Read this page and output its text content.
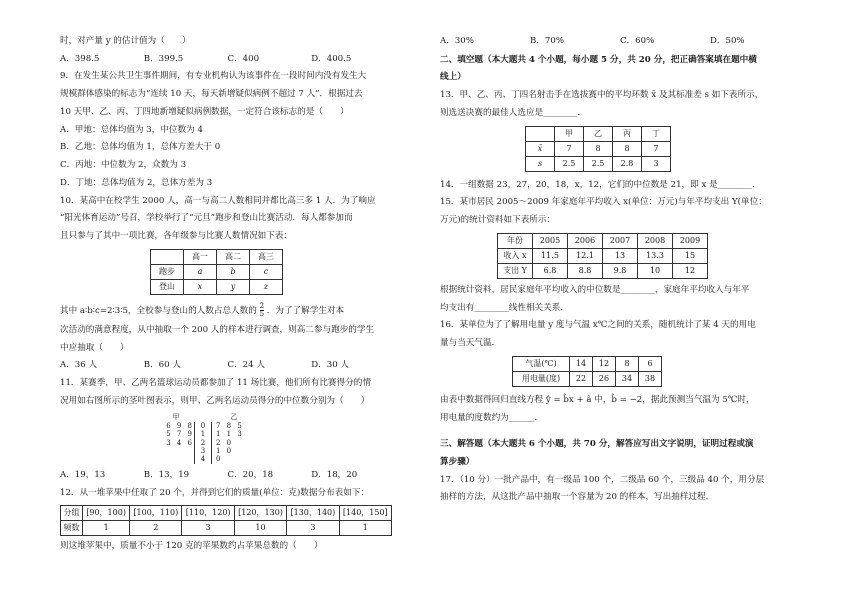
时，对产量 y 的估计值为（　　）
A．398.5	B．399.5	C．400	D．400.5
9．在发生某公共卫生事件期间，有专业机构认为该事件在一段时间内没有发生大
规模群体感染的标志为“连续 10 天，每天新增疑似病例不超过 7 人”．根据过去
10 天甲、乙、丙、丁四地新增疑似病例数据，一定符合该标志的是（　　）
A．甲地：总体均值为 3，中位数为 4
B．乙地：总体均值为 1，总体方差大于 0
C．丙地：中位数为 2，众数为 3
D．丁地：总体均值为 2，总体方差为 3
10．某高中在校学生 2000 人，高一与高二人数相同并都比高三多 1 人．为了响应
“阳光体育运动”号召，学校举行了“元旦”跑步和登山比赛活动．每人都参加而
且只参与了其中一项比赛，各年级参与比赛人数情况如下表：
	高一	高二	高三
跑步	a	b	c
登山	x	y	z
其中 a∶b∶c=2∶3∶5，全校参与登山的人数占总人数的 $\frac{2}{5}$ ．为了了解学生对本
次活动的满意程度，从中抽取一个 200 人的样本进行调查，则高二参与跑步的学生
中应抽取（　　）
A．36 人	B．60 人	C．24 人	D．30 人
11．某赛季，甲、乙两名篮球运动员都参加了 11 场比赛，他们所有比赛得分的情
况用如右图所示的茎叶图表示，则甲、乙两名运动员得分的中位数分别为（　　）
甲	乙
6 9 8 0	7 8 5
5 7 9 1	1 1 3
3 4 6 2	2 0
3	1 0
4	0
A．19，13	B．13，19	C．20，18	D．18，20
12．从一堆苹果中任取了 20 个，并得到它们的质量(单位：克)数据分布表如下：
分组	[90，100)	[100，110)	[110，120)	[120，130)	[130，140)	[140，150]
频数	1	2	3	10	3	1
则这堆苹果中，质量不小于 120 克的苹果数约占苹果总数的（　　）
A．30%	B．70%	C．60%	D．50%
二、填空题（本大题共 4 个小题，每小题 5 分，共 20 分，把正确答案填在题中横
线上）
13．甲、乙、丙、丁四名射击手在选拔赛中的平均环数 x̄ 及其标准差 s 如下表所示，
则选送决赛的最佳人选应是________．
	甲	乙	丙	丁
x̄	7	8	8	7
s	2.5	2.5	2.8	3
14．一组数据 23，27，20，18，x，12，它们的中位数是 21，即 x 是________．
15．某市居民 2005～2009 年家庭年平均收入 x(单位：万元)与年平均支出 Y(单位：
万元)的统计资料如下表所示：
年份	2005	2006	2007	2008	2009
收入 x	11.5	12.1	13	13.3	15
支出 Y	6.8	8.8	9.8	10	12
根据统计资料，居民家庭年平均收入的中位数是________，家庭年平均收入与年平
均支出有________线性相关关系．
16．某单位为了了解用电量 y 度与气温 x℃之间的关系，随机统计了某 4 天的用电
量与当天气温．
气温(℃)	14	12	8	6
用电量(度)	22	26	34	38
由表中数据得回归直线方程 ŷ = b̂x + â 中，b̂ = −2，据此预测当气温为 5℃时，
用电量的度数约为______．
三、解答题（本大题共 6 个小题，共 70 分，解答应写出文字说明，证明过程或演
算步骤）
17．（10 分）一批产品中，有一级品 100 个，二级品 60 个，三级品 40 个，用分层
抽样的方法，从这批产品中抽取一个容量为 20 的样本，写出抽样过程．
